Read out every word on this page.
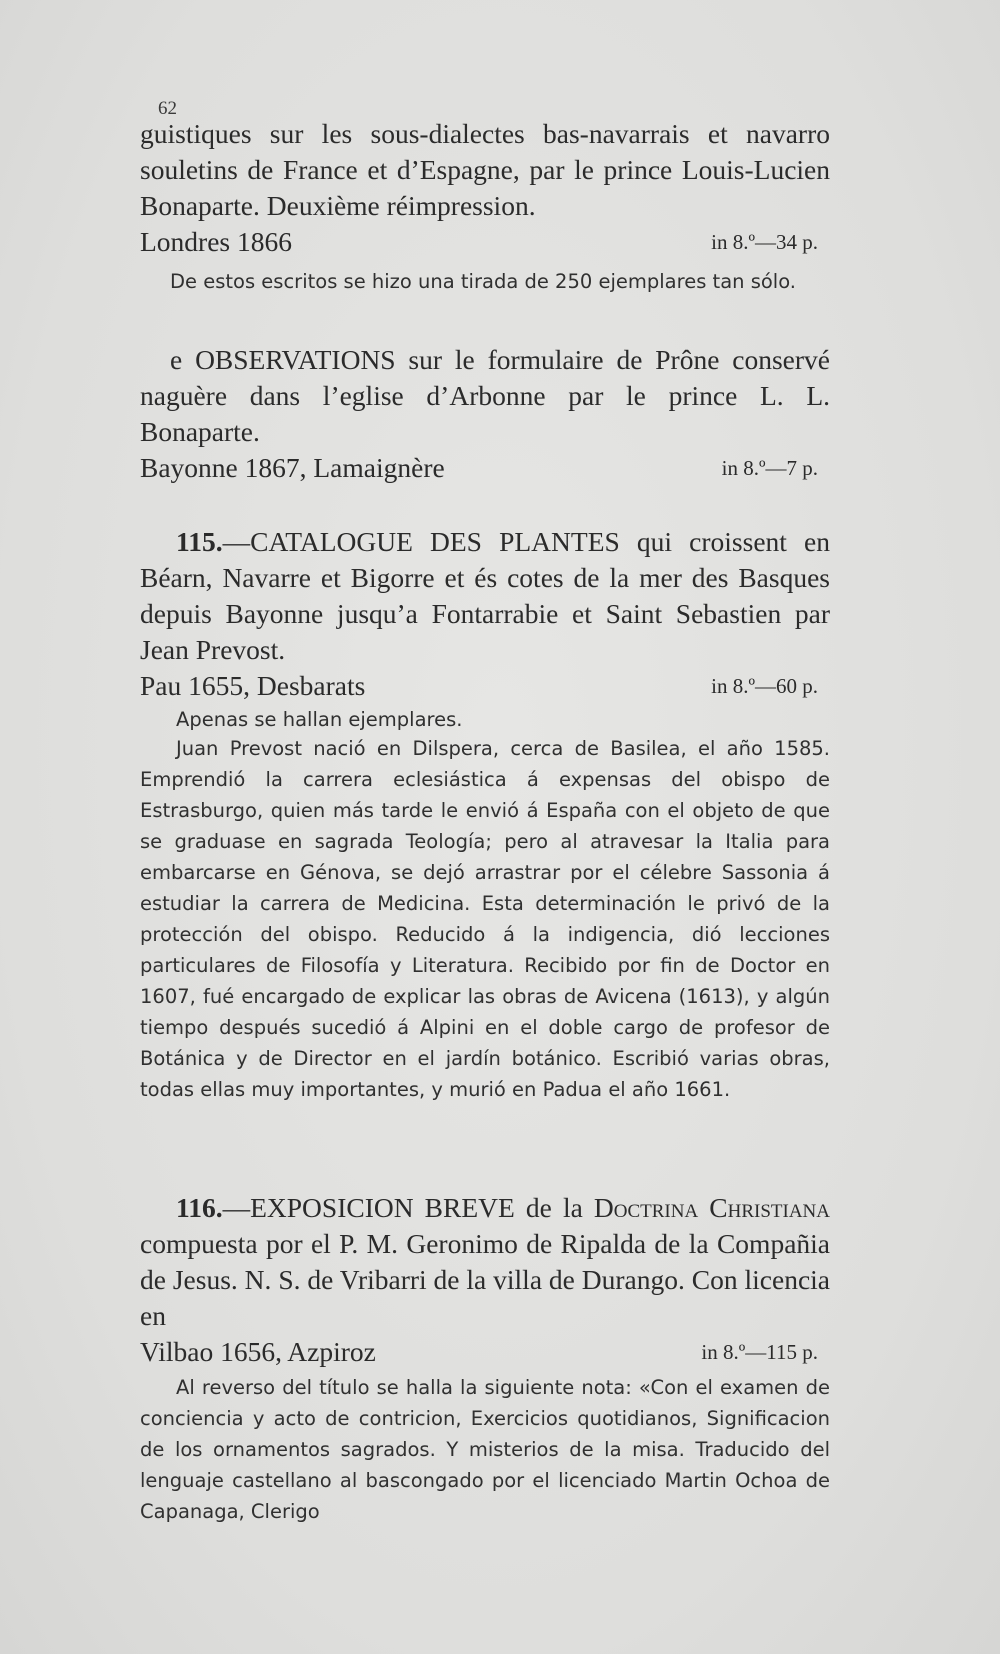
62
guistiques sur les sous-dialectes bas-navarrais et navarro souletins de France et d’Espagne, par le prince Louis-Lucien Bonaparte. Deuxième réimpression.
Londres 1866	in 8.º—34 p.
De estos escritos se hizo una tirada de 250 ejemplares tan sólo.
e OBSERVATIONS sur le formulaire de Prône conservé naguère dans l’eglise d’Arbonne par le prince L. L. Bonaparte.
Bayonne 1867, Lamaignère	in 8.º—7 p.
115.—CATALOGUE DES PLANTES qui croissent en Béarn, Navarre et Bigorre et és cotes de la mer des Basques depuis Bayonne jusqu’a Fontarrabie et Saint Sebastien par Jean Prevost.
Pau 1655, Desbarats	in 8.º—60 p.
Apenas se hallan ejemplares.
Juan Prevost nació en Dilspera, cerca de Basilea, el año 1585. Emprendió la carrera eclesiástica á expensas del obispo de Estrasburgo, quien más tarde le envió á España con el objeto de que se graduase en sagrada Teología; pero al atravesar la Italia para embarcarse en Génova, se dejó arrastrar por el célebre Sassonia á estudiar la carrera de Medicina. Esta determinación le privó de la protección del obispo. Reducido á la indigencia, dió lecciones particulares de Filosofía y Literatura. Recibido por fin de Doctor en 1607, fué encargado de explicar las obras de Avicena (1613), y algún tiempo después sucedió á Alpini en el doble cargo de profesor de Botánica y de Director en el jardín botánico. Escribió varias obras, todas ellas muy importantes, y murió en Padua el año 1661.
116.—EXPOSICION BREVE de la Doctrina Christiana compuesta por el P. M. Geronimo de Ripalda de la Compañia de Jesus. N. S. de Vribarri de la villa de Durango. Con licencia en
Vilbao 1656, Azpiroz	in 8.º—115 p.
Al reverso del título se halla la siguiente nota: «Con el examen de conciencia y acto de contricion, Exercicios quotidianos, Significacion de los ornamentos sagrados. Y misterios de la misa. Traducido del lenguaje castellano al bascongado por el licenciado Martin Ochoa de Capanaga, Clerigo
